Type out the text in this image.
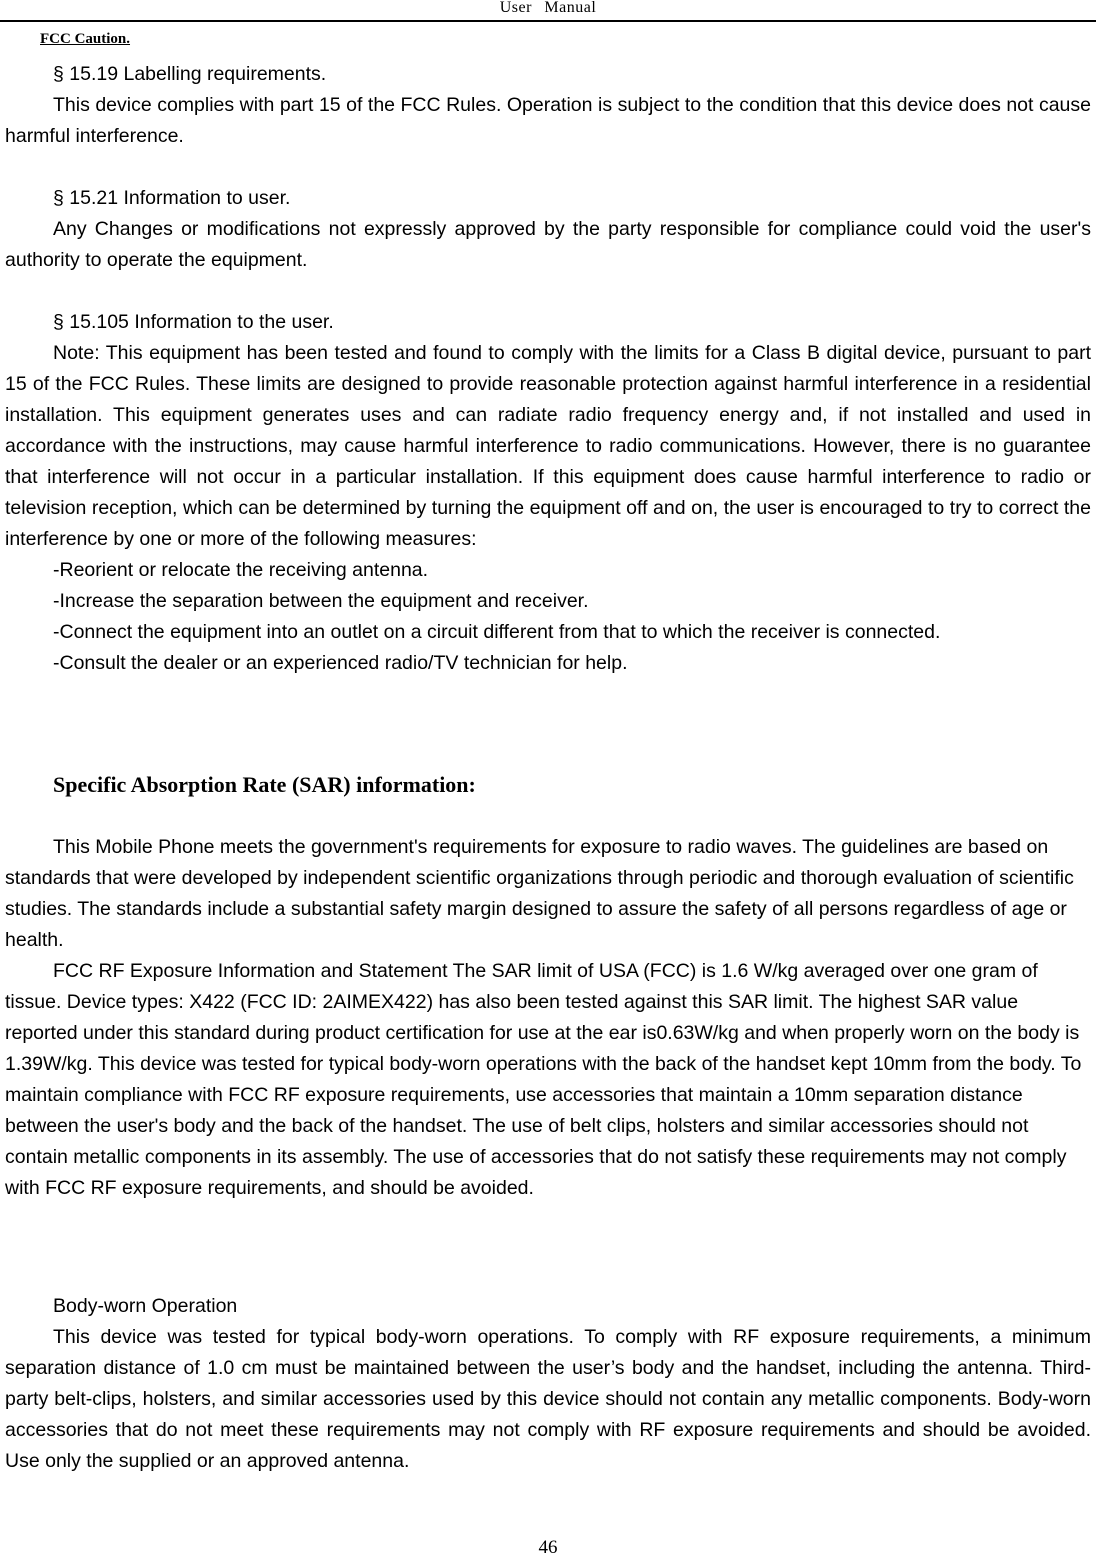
User Manual
FCC Caution.

§ 15.19 Labelling requirements.

This device complies with part 15 of the FCC Rules. Operation is subject to the condition that this device does not cause harmful interference.

§ 15.21 Information to user.

Any Changes or modifications not expressly approved by the party responsible for compliance could void the user's authority to operate the equipment.

§ 15.105 Information to the user.

Note: This equipment has been tested and found to comply with the limits for a Class B digital device, pursuant to part 15 of the FCC Rules. These limits are designed to provide reasonable protection against harmful interference in a residential installation. This equipment generates uses and can radiate radio frequency energy and, if not installed and used in accordance with the instructions, may cause harmful interference to radio communications. However, there is no guarantee that interference will not occur in a particular installation. If this equipment does cause harmful interference to radio or television reception, which can be determined by turning the equipment off and on, the user is encouraged to try to correct the interference by one or more of the following measures:

-Reorient or relocate the receiving antenna.

-Increase the separation between the equipment and receiver.

-Connect the equipment into an outlet on a circuit different from that to which the receiver is connected.

-Consult the dealer or an experienced radio/TV technician for help.

Specific Absorption Rate (SAR) information:

This Mobile Phone meets the government's requirements for exposure to radio waves. The guidelines are based on standards that were developed by independent scientific organizations through periodic and thorough evaluation of scientific studies. The standards include a substantial safety margin designed to assure the safety of all persons regardless of age or health.

FCC RF Exposure Information and Statement The SAR limit of USA (FCC) is 1.6 W/kg averaged over one gram of tissue. Device types: X422 (FCC ID: 2AIMEX422) has also been tested against this SAR limit. The highest SAR value reported under this standard during product certification for use at the ear is0.63W/kg and when properly worn on the body is 1.39W/kg. This device was tested for typical body-worn operations with the back of the handset kept 10mm from the body. To maintain compliance with FCC RF exposure requirements, use accessories that maintain a 10mm separation distance between the user's body and the back of the handset. The use of belt clips, holsters and similar accessories should not contain metallic components in its assembly. The use of accessories that do not satisfy these requirements may not comply with FCC RF exposure requirements, and should be avoided.

Body-worn Operation

This device was tested for typical body-worn operations. To comply with RF exposure requirements, a minimum separation distance of 1.0 cm must be maintained between the user’s body and the handset, including the antenna. Third-party belt-clips, holsters, and similar accessories used by this device should not contain any metallic components. Body-worn accessories that do not meet these requirements may not comply with RF exposure requirements and should be avoided. Use only the supplied or an approved antenna.

46
